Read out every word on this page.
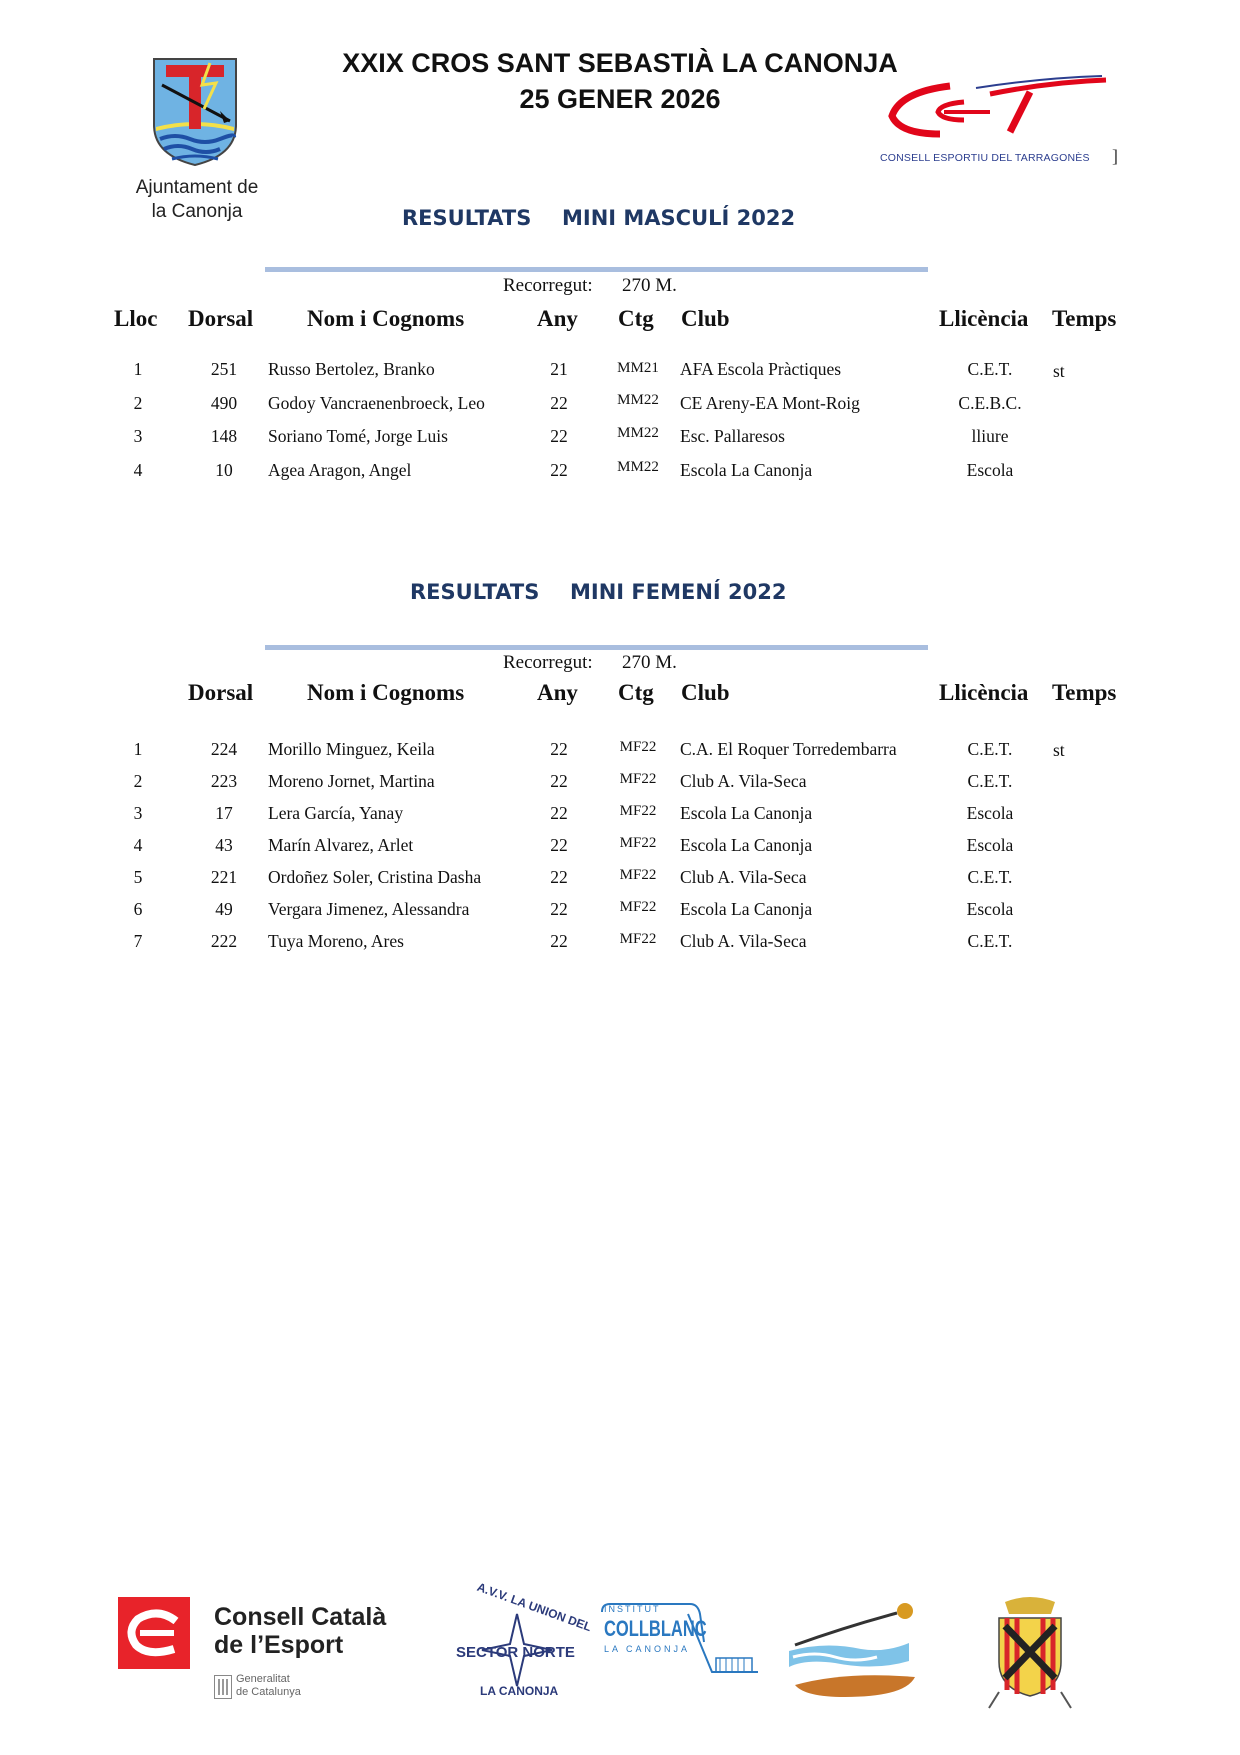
Ajuntament de
la Canonja
XXIX CROS SANT SEBASTIÀ LA CANONJA
25 GENER 2026
CONSELL ESPORTIU DEL TARRAGONÈS ]
RESULTATS MINI MASCULÍ 2022
Recorregut: 270 M.
Lloc Dorsal Nom i Cognoms	Any Ctg Club	Llicència Temps
1	251	Russo Bertolez, Branko	21	MM21	AFA Escola Pràctiques	C.E.T.	st
2	490	Godoy Vancraenenbroeck, Leo	22	MM22	CE Areny-EA Mont-Roig	C.E.B.C.
3	148	Soriano Tomé, Jorge Luis	22	MM22	Esc. Pallaresos	lliure
4	10	Agea Aragon, Angel	22	MM22	Escola La Canonja	Escola
RESULTATS MINI FEMENÍ 2022
Recorregut: 270 M.
Dorsal Nom i Cognoms	Any Ctg Club	Llicència Temps
1	224	Morillo Minguez, Keila	22	MF22	C.A. El Roquer Torredembarra	C.E.T.	st
2	223	Moreno Jornet, Martina	22	MF22	Club A. Vila-Seca	C.E.T.
3	17	Lera García, Yanay	22	MF22	Escola La Canonja	Escola
4	43	Marín Alvarez, Arlet	22	MF22	Escola La Canonja	Escola
5	221	Ordoñez Soler, Cristina Dasha	22	MF22	Club A. Vila-Seca	C.E.T.
6	49	Vergara Jimenez, Alessandra	22	MF22	Escola La Canonja	Escola
7	222	Tuya Moreno, Ares	22	MF22	Club A. Vila-Seca	C.E.T.
Consell Català
de l’Esport
Generalitat
de Catalunya
A.V.V. LA UNION DEL
SECTOR NORTE
LA CANONJA
INSTITUT
COLLBLANC
LA CANONJA
